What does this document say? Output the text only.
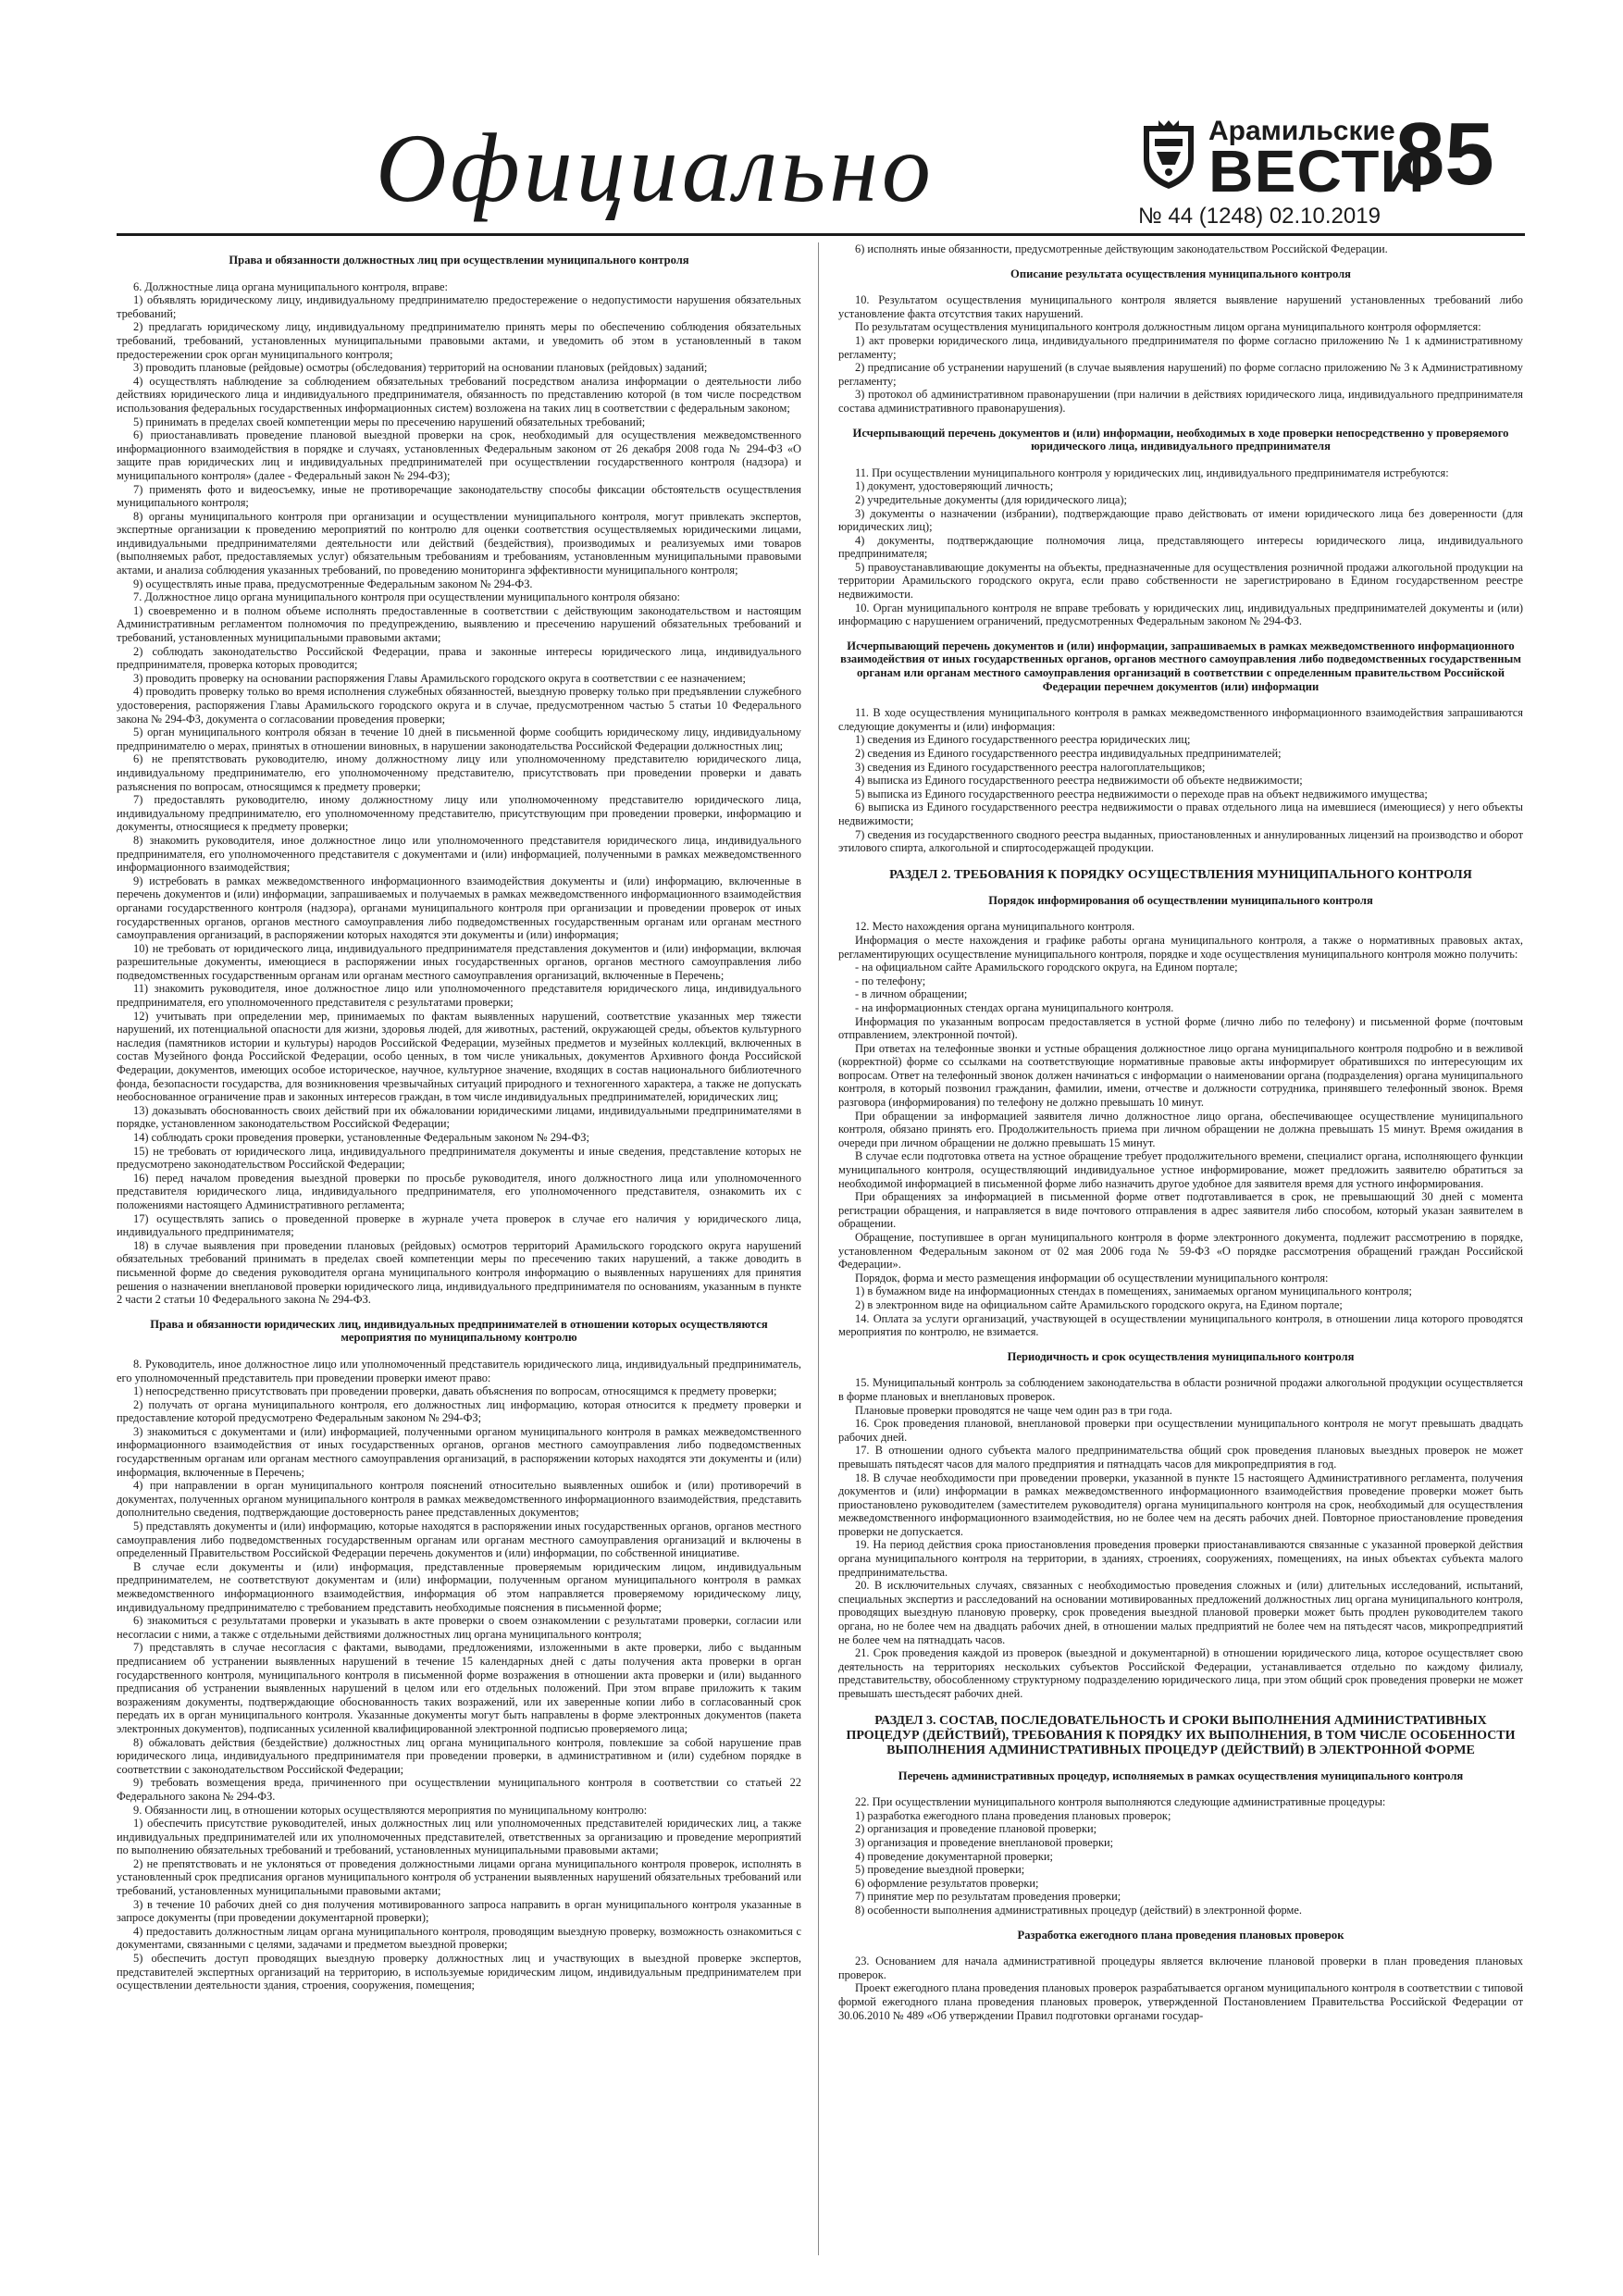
Официально	Арамильские
ВЕСТИ
№ 44 (1248) 02.10.2019
85
Права и обязанности должностных лиц при осуществлении муниципального контроля

6. Должностные лица органа муниципального контроля, вправе:

1) объявлять юридическому лицу, индивидуальному предпринимателю предостережение о недопустимости нарушения обязательных требований;

2) предлагать юридическому лицу, индивидуальному предпринимателю принять меры по обеспечению соблюдения обязательных требований, требований, установленных муниципальными правовыми актами, и уведомить об этом в установленный в таком предостережении срок орган муниципального контроля;

3) проводить плановые (рейдовые) осмотры (обследования) территорий на основании плановых (рейдовых) заданий;

4) осуществлять наблюдение за соблюдением обязательных требований посредством анализа информации о деятельности либо действиях юридического лица и индивидуального предпринимателя, обязанность по представлению которой (в том числе посредством использования федеральных государственных информационных систем) возложена на таких лиц в соответствии с федеральным законом;

5) принимать в пределах своей компетенции меры по пресечению нарушений обязательных требований;

6) приостанавливать проведение плановой выездной проверки на срок, необходимый для осуществления межведомственного информационного взаимодействия в порядке и случаях, установленных Федеральным законом от 26 декабря 2008 года № 294-ФЗ «О защите прав юридических лиц и индивидуальных предпринимателей при осуществлении государственного контроля (надзора) и муниципального контроля» (далее - Федеральный закон № 294-ФЗ);

7) применять фото и видеосъемку, иные не противоречащие законодательству способы фиксации обстоятельств осуществления муниципального контроля;

8) органы муниципального контроля при организации и осуществлении муниципального контроля, могут привлекать экспертов, экспертные организации к проведению мероприятий по контролю для оценки соответствия осуществляемых юридическими лицами, индивидуальными предпринимателями деятельности или действий (бездействия), производимых и реализуемых ими товаров (выполняемых работ, предоставляемых услуг) обязательным требованиям и требованиям, установленным муниципальными правовыми актами, и анализа соблюдения указанных требований, по проведению мониторинга эффективности муниципального контроля;

9) осуществлять иные права, предусмотренные Федеральным законом № 294-ФЗ.

7. Должностное лицо органа муниципального контроля при осуществлении муниципального контроля обязано:

1) своевременно и в полном объеме исполнять предоставленные в соответствии с действующим законодательством и настоящим Административным регламентом полномочия по предупреждению, выявлению и пресечению нарушений обязательных требований и требований, установленных муниципальными правовыми актами;

2) соблюдать законодательство Российской Федерации, права и законные интересы юридического лица, индивидуального предпринимателя, проверка которых проводится;

3) проводить проверку на основании распоряжения Главы Арамильского городского округа в соответствии с ее назначением;

4) проводить проверку только во время исполнения служебных обязанностей, выездную проверку только при предъявлении служебного удостоверения, распоряжения Главы Арамильского городского округа и в случае, предусмотренном частью 5 статьи 10 Федерального закона № 294-ФЗ, документа о согласовании проведения проверки;

5) орган муниципального контроля обязан в течение 10 дней в письменной форме сообщить юридическому лицу, индивидуальному предпринимателю о мерах, принятых в отношении виновных, в нарушении законодательства Российской Федерации должностных лиц;

6) не препятствовать руководителю, иному должностному лицу или уполномоченному представителю юридического лица, индивидуальному предпринимателю, его уполномоченному представителю, присутствовать при проведении проверки и давать разъяснения по вопросам, относящимся к предмету проверки;

7) предоставлять руководителю, иному должностному лицу или уполномоченному представителю юридического лица, индивидуальному предпринимателю, его уполномоченному представителю, присутствующим при проведении проверки, информацию и документы, относящиеся к предмету проверки;

8) знакомить руководителя, иное должностное лицо или уполномоченного представителя юридического лица, индивидуального предпринимателя, его уполномоченного представителя с документами и (или) информацией, полученными в рамках межведомственного информационного взаимодействия;

9) истребовать в рамках межведомственного информационного взаимодействия документы и (или) информацию, включенные в перечень документов и (или) информации, запрашиваемых и получаемых в рамках межведомственного информационного взаимодействия органами государственного контроля (надзора), органами муниципального контроля при организации и проведении проверок от иных государственных органов, органов местного самоуправления либо подведомственных государственным органам или органам местного самоуправления организаций, в распоряжении которых находятся эти документы и (или) информация;

10) не требовать от юридического лица, индивидуального предпринимателя представления документов и (или) информации, включая разрешительные документы, имеющиеся в распоряжении иных государственных органов, органов местного самоуправления либо подведомственных государственным органам или органам местного самоуправления организаций, включенные в Перечень;

11) знакомить руководителя, иное должностное лицо или уполномоченного представителя юридического лица, индивидуального предпринимателя, его уполномоченного представителя с результатами проверки;

12) учитывать при определении мер, принимаемых по фактам выявленных нарушений, соответствие указанных мер тяжести нарушений, их потенциальной опасности для жизни, здоровья людей, для животных, растений, окружающей среды, объектов культурного наследия (памятников истории и культуры) народов Российской Федерации, музейных предметов и музейных коллекций, включенных в состав Музейного фонда Российской Федерации, особо ценных, в том числе уникальных, документов Архивного фонда Российской Федерации, документов, имеющих особое историческое, научное, культурное значение, входящих в состав национального библиотечного фонда, безопасности государства, для возникновения чрезвычайных ситуаций природного и техногенного характера, а также не допускать необоснованное ограничение прав и законных интересов граждан, в том числе индивидуальных предпринимателей, юридических лиц;

13) доказывать обоснованность своих действий при их обжаловании юридическими лицами, индивидуальными предпринимателями в порядке, установленном законодательством Российской Федерации;

14) соблюдать сроки проведения проверки, установленные Федеральным законом № 294-ФЗ;

15) не требовать от юридического лица, индивидуального предпринимателя документы и иные сведения, представление которых не предусмотрено законодательством Российской Федерации;

16) перед началом проведения выездной проверки по просьбе руководителя, иного должностного лица или уполномоченного представителя юридического лица, индивидуального предпринимателя, его уполномоченного представителя, ознакомить их с положениями настоящего Административного регламента;

17) осуществлять запись о проведенной проверке в журнале учета проверок в случае его наличия у юридического лица, индивидуального предпринимателя;

18) в случае выявления при проведении плановых (рейдовых) осмотров территорий Арамильского городского округа нарушений обязательных требований принимать в пределах своей компетенции меры по пресечению таких нарушений, а также доводить в письменной форме до сведения руководителя органа муниципального контроля информацию о выявленных нарушениях для принятия решения о назначении внеплановой проверки юридического лица, индивидуального предпринимателя по основаниям, указанным в пункте 2 части 2 статьи 10 Федерального закона № 294-ФЗ.

Права и обязанности юридических лиц, индивидуальных предпринимателей в отношении которых осуществляются мероприятия по муниципальному контролю

8. Руководитель, иное должностное лицо или уполномоченный представитель юридического лица, индивидуальный предприниматель, его уполномоченный представитель при проведении проверки имеют право:

1) непосредственно присутствовать при проведении проверки, давать объяснения по вопросам, относящимся к предмету проверки;

2) получать от органа муниципального контроля, его должностных лиц информацию, которая относится к предмету проверки и предоставление которой предусмотрено Федеральным законом № 294-ФЗ;

3) знакомиться с документами и (или) информацией, полученными органом муниципального контроля в рамках межведомственного информационного взаимодействия от иных государственных органов, органов местного самоуправления либо подведомственных государственным органам или органам местного самоуправления организаций, в распоряжении которых находятся эти документы и (или) информация, включенные в Перечень;

4) при направлении в орган муниципального контроля пояснений относительно выявленных ошибок и (или) противоречий в документах, полученных органом муниципального контроля в рамках межведомственного информационного взаимодействия, представить дополнительно сведения, подтверждающие достоверность ранее представленных документов;

5) представлять документы и (или) информацию, которые находятся в распоряжении иных государственных органов, органов местного самоуправления либо подведомственных государственным органам или органам местного самоуправления организаций и включены в определенный Правительством Российской Федерации перечень документов и (или) информации, по собственной инициативе.

В случае если документы и (или) информация, представленные проверяемым юридическим лицом, индивидуальным предпринимателем, не соответствуют документам и (или) информации, полученным органом муниципального контроля в рамках межведомственного информационного взаимодействия, информация об этом направляется проверяемому юридическому лицу, индивидуальному предпринимателю с требованием представить необходимые пояснения в письменной форме;

6) знакомиться с результатами проверки и указывать в акте проверки о своем ознакомлении с результатами проверки, согласии или несогласии с ними, а также с отдельными действиями должностных лиц органа муниципального контроля;

7) представлять в случае несогласия с фактами, выводами, предложениями, изложенными в акте проверки, либо с выданным предписанием об устранении выявленных нарушений в течение 15 календарных дней с даты получения акта проверки в орган государственного контроля, муниципального контроля в письменной форме возражения в отношении акта проверки и (или) выданного предписания об устранении выявленных нарушений в целом или его отдельных положений. При этом вправе приложить к таким возражениям документы, подтверждающие обоснованность таких возражений, или их заверенные копии либо в согласованный срок передать их в орган муниципального контроля. Указанные документы могут быть направлены в форме электронных документов (пакета электронных документов), подписанных усиленной квалифицированной электронной подписью проверяемого лица;

8) обжаловать действия (бездействие) должностных лиц органа муниципального контроля, повлекшие за собой нарушение прав юридического лица, индивидуального предпринимателя при проведении проверки, в административном и (или) судебном порядке в соответствии с законодательством Российской Федерации;

9) требовать возмещения вреда, причиненного при осуществлении муниципального контроля в соответствии со статьей 22 Федерального закона № 294-ФЗ.

9. Обязанности лиц, в отношении которых осуществляются мероприятия по муниципальному контролю:

1) обеспечить присутствие руководителей, иных должностных лиц или уполномоченных представителей юридических лиц, а также индивидуальных предпринимателей или их уполномоченных представителей, ответственных за организацию и проведение мероприятий по выполнению обязательных требований и требований, установленных муниципальными правовыми актами;

2) не препятствовать и не уклоняться от проведения должностными лицами органа муниципального контроля проверок, исполнять в установленный срок предписания органов муниципального контроля об устранении выявленных нарушений обязательных требований или требований, установленных муниципальными правовыми актами;

3) в течение 10 рабочих дней со дня получения мотивированного запроса направить в орган муниципального контроля указанные в запросе документы (при проведении документарной проверки);

4) предоставить должностным лицам органа муниципального контроля, проводящим выездную проверку, возможность ознакомиться с документами, связанными с целями, задачами и предметом выездной проверки;

5) обеспечить доступ проводящих выездную проверку должностных лиц и участвующих в выездной проверке экспертов, представителей экспертных организаций на территорию, в используемые юридическим лицом, индивидуальным предпринимателем при осуществлении деятельности здания, строения, сооружения, помещения;

6) исполнять иные обязанности, предусмотренные действующим законодательством Российской Федерации.

Описание результата осуществления муниципального контроля

10. Результатом осуществления муниципального контроля является выявление нарушений установленных требований либо установление факта отсутствия таких нарушений.

По результатам осуществления муниципального контроля должностным лицом органа муниципального контроля оформляется:

1) акт проверки юридического лица, индивидуального предпринимателя по форме согласно приложению № 1 к административному регламенту;

2) предписание об устранении нарушений (в случае выявления нарушений) по форме согласно приложению № 3 к Административному регламенту;

3) протокол об административном правонарушении (при наличии в действиях юридического лица, индивидуального предпринимателя состава административного правонарушения).

Исчерпывающий перечень документов и (или) информации, необходимых в ходе проверки непосредственно у проверяемого юридического лица, индивидуального предпринимателя

11. При осуществлении муниципального контроля у юридических лиц, индивидуального предпринимателя истребуются:

1) документ, удостоверяющий личность;

2) учредительные документы (для юридического лица);

3) документы о назначении (избрании), подтверждающие право действовать от имени юридического лица без доверенности (для юридических лиц);

4) документы, подтверждающие полномочия лица, представляющего интересы юридического лица, индивидуального предпринимателя;

5) правоустанавливающие документы на объекты, предназначенные для осуществления розничной продажи алкогольной продукции на территории Арамильского городского округа, если право собственности не зарегистрировано в Едином государственном реестре недвижимости.

10. Орган муниципального контроля не вправе требовать у юридических лиц, индивидуальных предпринимателей документы и (или) информацию с нарушением ограничений, предусмотренных Федеральным законом № 294-ФЗ.

Исчерпывающий перечень документов и (или) информации, запрашиваемых в рамках межведомственного информационного взаимодействия от иных государственных органов, органов местного самоуправления либо подведомственных государственным органам или органам местного самоуправления организаций в соответствии с определенным правительством Российской Федерации перечнем документов (или) информации

11. В ходе осуществления муниципального контроля в рамках межведомственного информационного взаимодействия запрашиваются следующие документы и (или) информация:

1) сведения из Единого государственного реестра юридических лиц;

2) сведения из Единого государственного реестра индивидуальных предпринимателей;

3) сведения из Единого государственного реестра налогоплательщиков;

4) выписка из Единого государственного реестра недвижимости об объекте недвижимости;

5) выписка из Единого государственного реестра недвижимости о переходе прав на объект недвижимого имущества;

6) выписка из Единого государственного реестра недвижимости о правах отдельного лица на имевшиеся (имеющиеся) у него объекты недвижимости;

7) сведения из государственного сводного реестра выданных, приостановленных и аннулированных лицензий на производство и оборот этилового спирта, алкогольной и спиртосодержащей продукции.

РАЗДЕЛ 2. ТРЕБОВАНИЯ К ПОРЯДКУ ОСУЩЕСТВЛЕНИЯ МУНИЦИПАЛЬНОГО КОНТРОЛЯ
Порядок информирования об осуществлении муниципального контроля

12. Место нахождения органа муниципального контроля.

Информация о месте нахождения и графике работы органа муниципального контроля, а также о нормативных правовых актах, регламентирующих осуществление муниципального контроля, порядке и ходе осуществления муниципального контроля можно получить:

- на официальном сайте Арамильского городского округа, на Едином портале;

- по телефону;

- в личном обращении;

- на информационных стендах органа муниципального контроля.

Информация по указанным вопросам предоставляется в устной форме (лично либо по телефону) и письменной форме (почтовым отправлением, электронной почтой).

При ответах на телефонные звонки и устные обращения должностное лицо органа муниципального контроля подробно и в вежливой (корректной) форме со ссылками на соответствующие нормативные правовые акты информирует обратившихся по интересующим их вопросам. Ответ на телефонный звонок должен начинаться с информации о наименовании органа (подразделения) органа муниципального контроля, в который позвонил гражданин, фамилии, имени, отчестве и должности сотрудника, принявшего телефонный звонок. Время разговора (информирования) по телефону не должно превышать 10 минут.

При обращении за информацией заявителя лично должностное лицо органа, обеспечивающее осуществление муниципального контроля, обязано принять его. Продолжительность приема при личном обращении не должна превышать 15 минут. Время ожидания в очереди при личном обращении не должно превышать 15 минут.

В случае если подготовка ответа на устное обращение требует продолжительного времени, специалист органа, исполняющего функции муниципального контроля, осуществляющий индивидуальное устное информирование, может предложить заявителю обратиться за необходимой информацией в письменной форме либо назначить другое удобное для заявителя время для устного информирования.

При обращениях за информацией в письменной форме ответ подготавливается в срок, не превышающий 30 дней с момента регистрации обращения, и направляется в виде почтового отправления в адрес заявителя либо способом, который указан заявителем в обращении.

Обращение, поступившее в орган муниципального контроля в форме электронного документа, подлежит рассмотрению в порядке, установленном Федеральным законом от 02 мая 2006 года № 59-ФЗ «О порядке рассмотрения обращений граждан Российской Федерации».

Порядок, форма и место размещения информации об осуществлении муниципального контроля:

1) в бумажном виде на информационных стендах в помещениях, занимаемых органом муниципального контроля;

2) в электронном виде на официальном сайте Арамильского городского округа, на Едином портале;

14. Оплата за услуги организаций, участвующей в осуществлении муниципального контроля, в отношении лица которого проводятся мероприятия по контролю, не взимается.

Периодичность и срок осуществления муниципального контроля

15. Муниципальный контроль за соблюдением законодательства в области розничной продажи алкогольной продукции осуществляется в форме плановых и внеплановых проверок.

Плановые проверки проводятся не чаще чем один раз в три года.

16. Срок проведения плановой, внеплановой проверки при осуществлении муниципального контроля не могут превышать двадцать рабочих дней.

17. В отношении одного субъекта малого предпринимательства общий срок проведения плановых выездных проверок не может превышать пятьдесят часов для малого предприятия и пятнадцать часов для микропредприятия в год.

18. В случае необходимости при проведении проверки, указанной в пункте 15 настоящего Административного регламента, получения документов и (или) информации в рамках межведомственного информационного взаимодействия проведение проверки может быть приостановлено руководителем (заместителем руководителя) органа муниципального контроля на срок, необходимый для осуществления межведомственного информационного взаимодействия, но не более чем на десять рабочих дней. Повторное приостановление проведения проверки не допускается.

19. На период действия срока приостановления проведения проверки приостанавливаются связанные с указанной проверкой действия органа муниципального контроля на территории, в зданиях, строениях, сооружениях, помещениях, на иных объектах субъекта малого предпринимательства.

20. В исключительных случаях, связанных с необходимостью проведения сложных и (или) длительных исследований, испытаний, специальных экспертиз и расследований на основании мотивированных предложений должностных лиц органа муниципального контроля, проводящих выездную плановую проверку, срок проведения выездной плановой проверки может быть продлен руководителем такого органа, но не более чем на двадцать рабочих дней, в отношении малых предприятий не более чем на пятьдесят часов, микропредприятий не более чем на пятнадцать часов.

21. Срок проведения каждой из проверок (выездной и документарной) в отношении юридического лица, которое осуществляет свою деятельность на территориях нескольких субъектов Российской Федерации, устанавливается отдельно по каждому филиалу, представительству, обособленному структурному подразделению юридического лица, при этом общий срок проведения проверки не может превышать шестьдесят рабочих дней.

РАЗДЕЛ 3. СОСТАВ, ПОСЛЕДОВАТЕЛЬНОСТЬ И СРОКИ ВЫПОЛНЕНИЯ АДМИНИСТРАТИВНЫХ ПРОЦЕДУР (ДЕЙСТВИЙ), ТРЕБОВАНИЯ К ПОРЯДКУ ИХ ВЫПОЛНЕНИЯ, В ТОМ ЧИСЛЕ ОСОБЕННОСТИ ВЫПОЛНЕНИЯ АДМИНИСТРАТИВНЫХ ПРОЦЕДУР (ДЕЙСТВИЙ) В ЭЛЕКТРОННОЙ ФОРМЕ
Перечень административных процедур, исполняемых в рамках осуществления муниципального контроля

22. При осуществлении муниципального контроля выполняются следующие административные процедуры:

1) разработка ежегодного плана проведения плановых проверок;

2) организация и проведение плановой проверки;

3) организация и проведение внеплановой проверки;

4) проведение документарной проверки;

5) проведение выездной проверки;

6) оформление результатов проверки;

7) принятие мер по результатам проведения проверки;

8) особенности выполнения административных процедур (действий) в электронной форме.

Разработка ежегодного плана проведения плановых проверок

23. Основанием для начала административной процедуры является включение плановой проверки в план проведения плановых проверок.

Проект ежегодного плана проведения плановых проверок разрабатывается органом муниципального контроля в соответствии с типовой формой ежегодного плана проведения плановых проверок, утвержденной Постановлением Правительства Российской Федерации от 30.06.2010 № 489 «Об утверждении Правил подготовки органами государ-
